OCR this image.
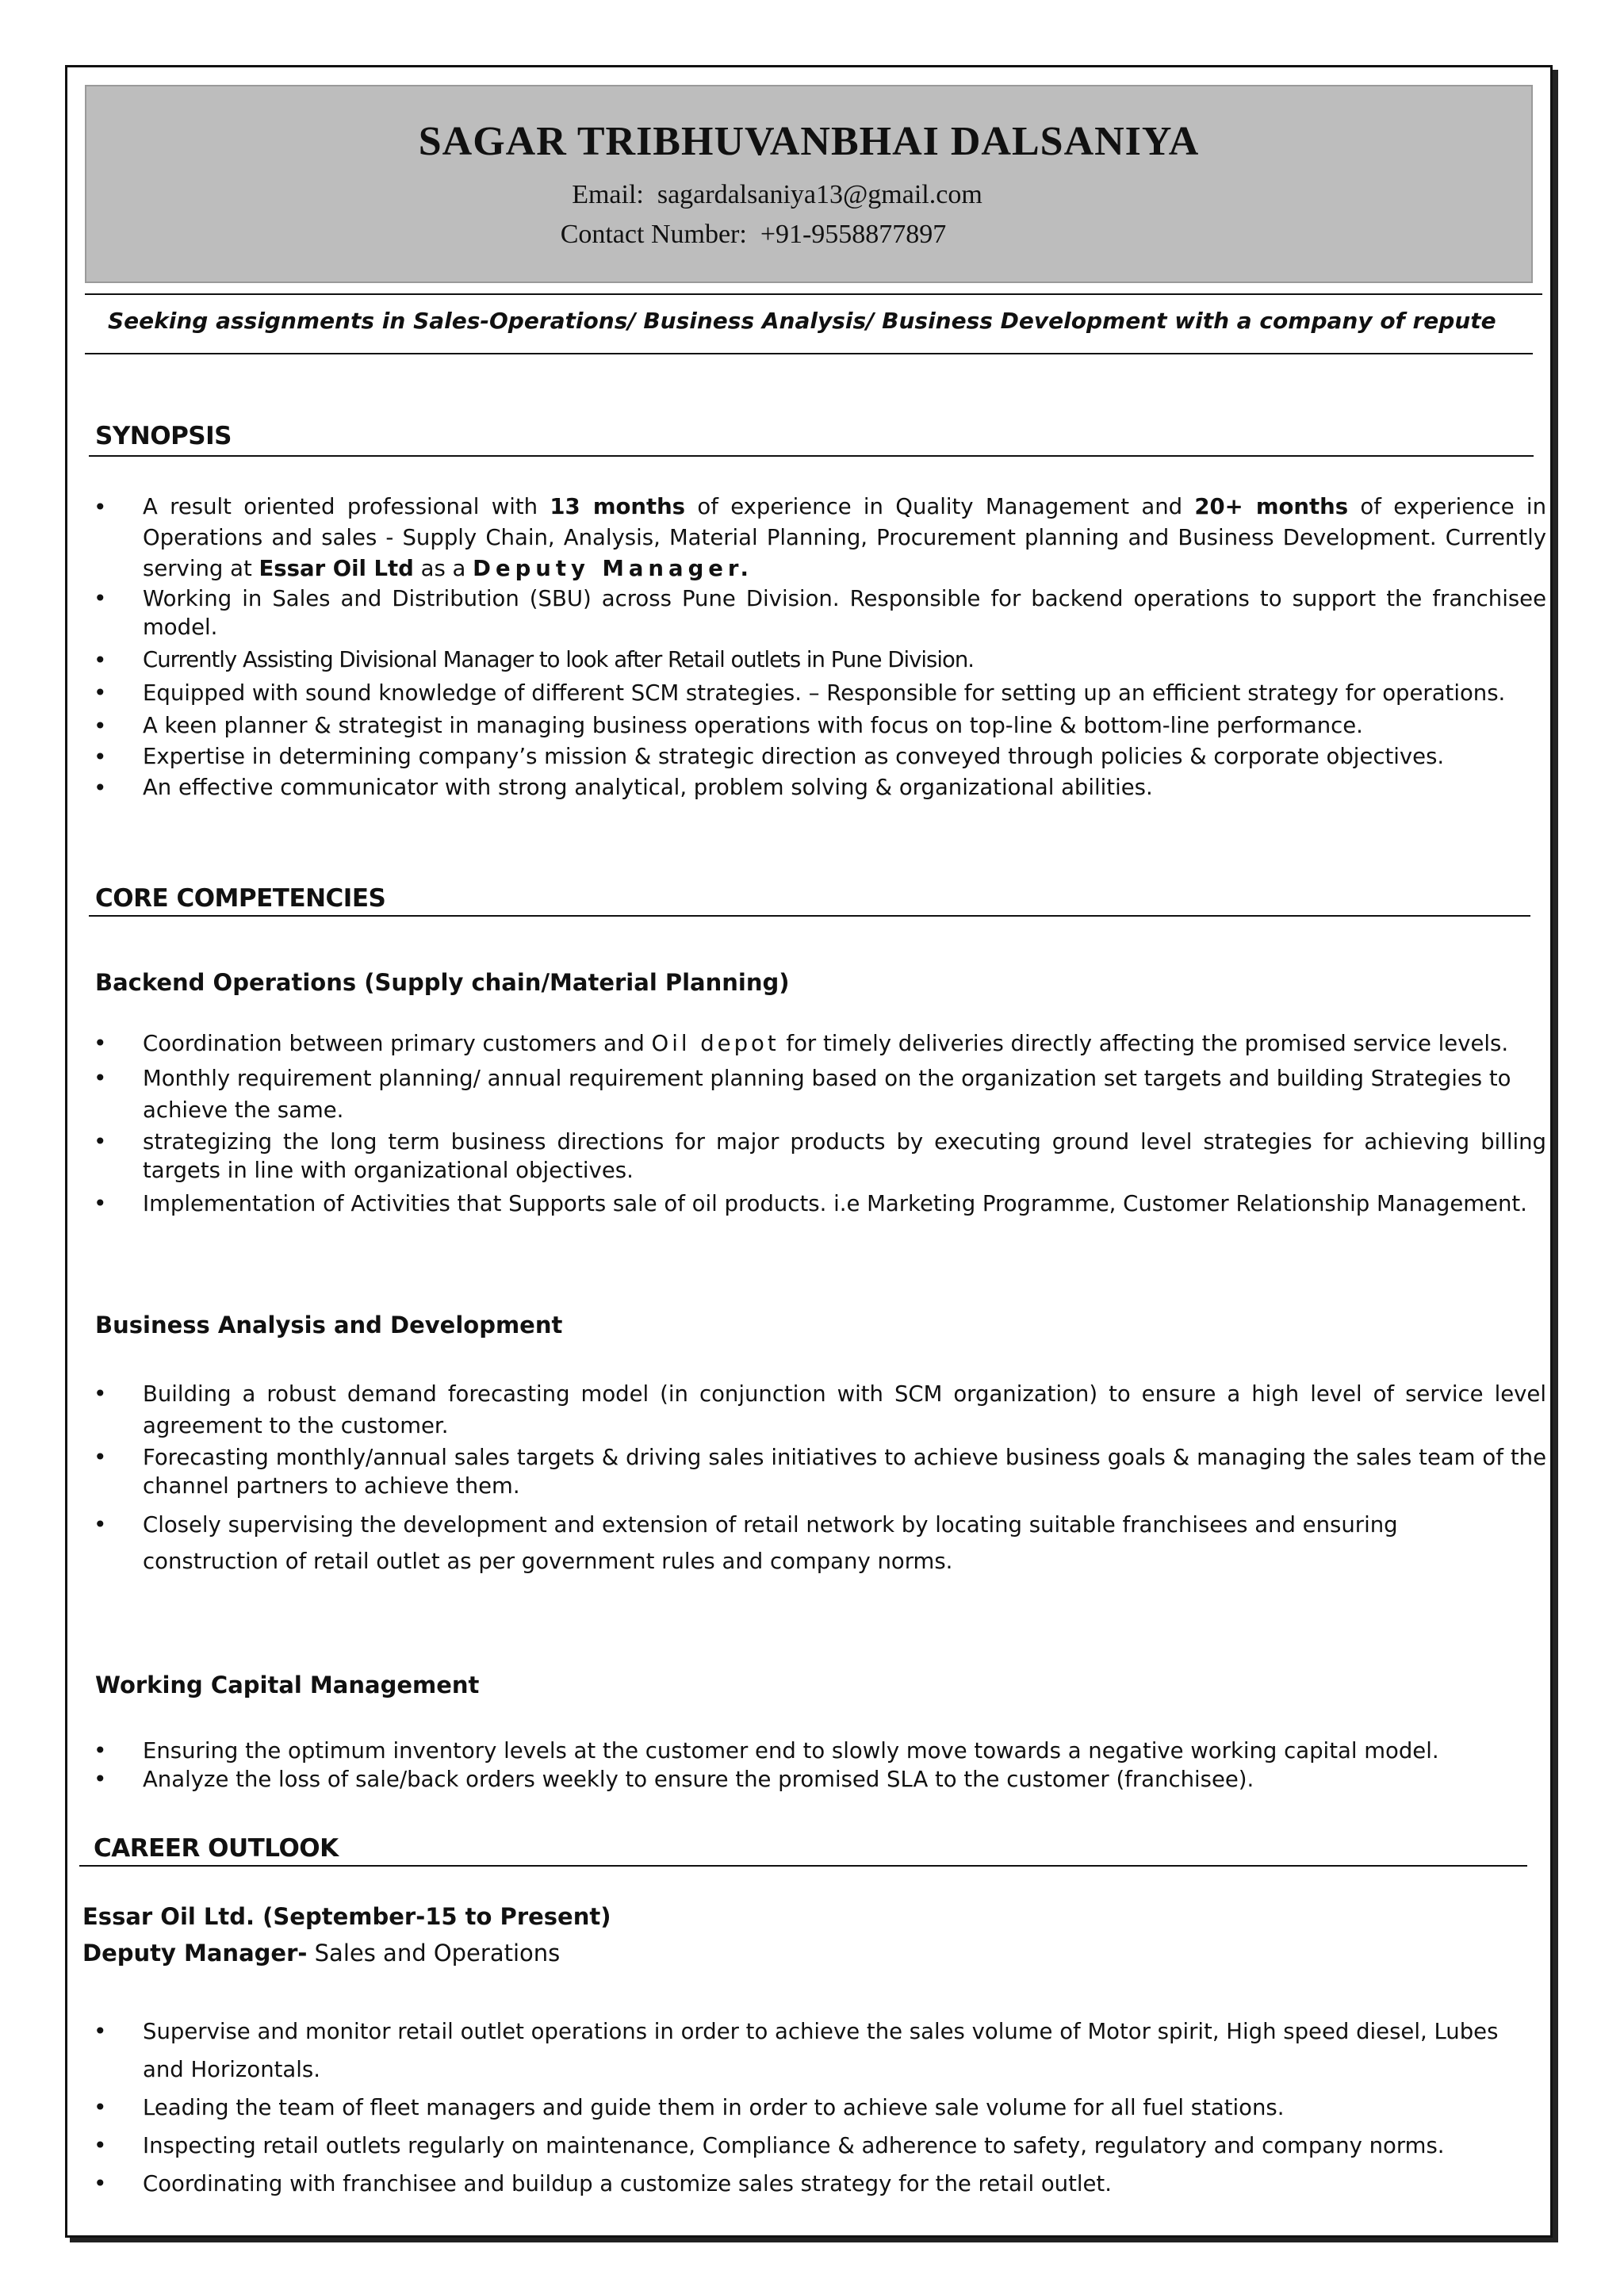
SAGAR TRIBHUVANBHAI DALSANIYA
Email: sagardalsaniya13@gmail.com
Contact Number: +91-9558877897
Seeking assignments in Sales-Operations/ Business Analysis/ Business Development with a company of repute
SYNOPSIS
• A result oriented professional with 13 months of experience in Quality Management and 20+ months of experience in Operations and sales - Supply Chain, Analysis, Material Planning, Procurement planning and Business Development. Currently serving at Essar Oil Ltd as a Deputy Manager.
• Working in Sales and Distribution (SBU) across Pune Division. Responsible for backend operations to support the franchisee model.
• Currently Assisting Divisional Manager to look after Retail outlets in Pune Division.
• Equipped with sound knowledge of different SCM strategies. – Responsible for setting up an efficient strategy for operations.
• A keen planner & strategist in managing business operations with focus on top-line & bottom-line performance.
• Expertise in determining company’s mission & strategic direction as conveyed through policies & corporate objectives.
• An effective communicator with strong analytical, problem solving & organizational abilities.
CORE COMPETENCIES
Backend Operations (Supply chain/Material Planning)
• Coordination between primary customers and Oil depot for timely deliveries directly affecting the promised service levels.
• Monthly requirement planning/ annual requirement planning based on the organization set targets and building Strategies to achieve the same.
• strategizing the long term business directions for major products by executing ground level strategies for achieving billing targets in line with organizational objectives.
• Implementation of Activities that Supports sale of oil products. i.e Marketing Programme, Customer Relationship Management.
Business Analysis and Development
• Building a robust demand forecasting model (in conjunction with SCM organization) to ensure a high level of service level agreement to the customer.
• Forecasting monthly/annual sales targets & driving sales initiatives to achieve business goals & managing the sales team of the channel partners to achieve them.
• Closely supervising the development and extension of retail network by locating suitable franchisees and ensuring construction of retail outlet as per government rules and company norms.
Working Capital Management
• Ensuring the optimum inventory levels at the customer end to slowly move towards a negative working capital model.
• Analyze the loss of sale/back orders weekly to ensure the promised SLA to the customer (franchisee).
CAREER OUTLOOK
Essar Oil Ltd. (September-15 to Present)
Deputy Manager- Sales and Operations
• Supervise and monitor retail outlet operations in order to achieve the sales volume of Motor spirit, High speed diesel, Lubes and Horizontals.
• Leading the team of fleet managers and guide them in order to achieve sale volume for all fuel stations.
• Inspecting retail outlets regularly on maintenance, Compliance & adherence to safety, regulatory and company norms.
• Coordinating with franchisee and buildup a customize sales strategy for the retail outlet.
